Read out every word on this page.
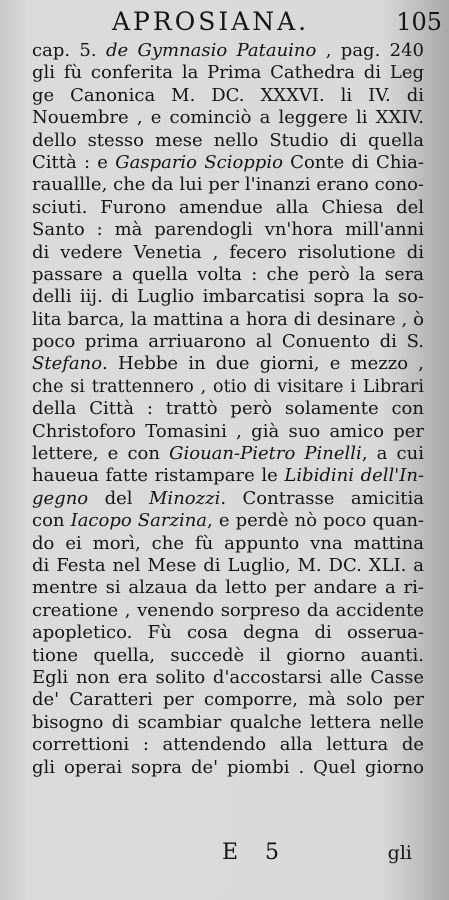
APROSIANA.	105
cap. 5. de Gymnasio Patauino , pag. 240
gli fù conferita la Prima Cathedra di Leg
ge Canonica M. DC. XXXVI. li IV. di
Nouembre , e cominciò a leggere li XXIV.
dello stesso mese nello Studio di quella
Città : e Gaspario Scioppio Conte di Chia-
rauallle, che da lui per l'inanzi erano cono-
sciuti. Furono amendue alla Chiesa del
Santo : mà parendogli vn'hora mill'anni
di vedere Venetia , fecero risolutione di
passare a quella volta : che però la sera
delli iij. di Luglio imbarcatisi sopra la so-
lita barca, la mattina a hora di desinare , ò
poco prima arriuarono al Conuento di S.
Stefano. Hebbe in due giorni, e mezzo ,
che si trattennero , otio di visitare i Librari
della Città : trattò però solamente con
Christoforo Tomasini , già suo amico per
lettere, e con Giouan-Pietro Pinelli, a cui
haueua fatte ristampare le Libidini dell'In-
gegno del Minozzi. Contrasse amicitia
con Iacopo Sarzina, e perdè nò poco quan-
do ei morì, che fù appunto vna mattina
di Festa nel Mese di Luglio, M. DC. XLI. a
mentre si alzaua da letto per andare a ri-
creatione , venendo sorpreso da accidente
apopletico. Fù cosa degna di osserua-
tione quella, succedè il giorno auanti.
Egli non era solito d'accostarsi alle Casse
de' Caratteri per comporre, mà solo per
bisogno di scambiar qualche lettera nelle
correttioni : attendendo alla lettura de
gli operai sopra de' piombi . Quel giorno
E 5	gli
